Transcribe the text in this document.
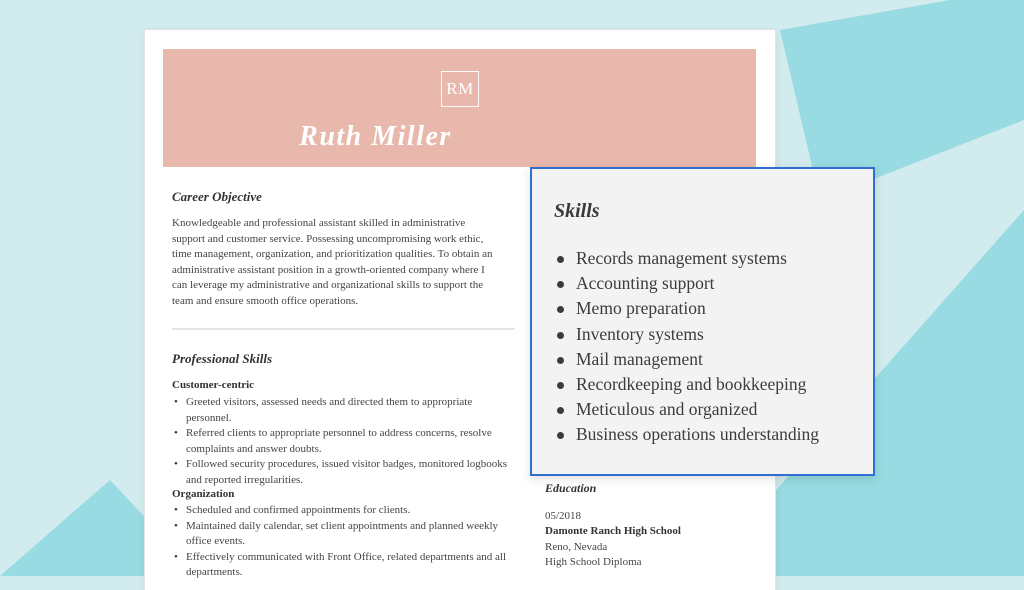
RM
Ruth Miller
Career Objective
Knowledgeable and professional assistant skilled in administrative
support and customer service. Possessing uncompromising work ethic,
time management, organization, and prioritization qualities. To obtain an
administrative assistant position in a growth-oriented company where I
can leverage my administrative and organizational skills to support the
team and ensure smooth office operations.
Professional Skills
Customer-centric
• Greeted visitors, assessed needs and directed them to appropriate personnel.
• Referred clients to appropriate personnel to address concerns, resolve complaints and answer doubts.
• Followed security procedures, issued visitor badges, monitored logbooks and reported irregularities.
Organization
• Scheduled and confirmed appointments for clients.
• Maintained daily calendar, set client appointments and planned weekly office events.
• Effectively communicated with Front Office, related departments and all departments.
Education
05/2018
Damonte Ranch High School
Reno, Nevada
High School Diploma
Skills
Records management systems
Accounting support
Memo preparation
Inventory systems
Mail management
Recordkeeping and bookkeeping
Meticulous and organized
Business operations understanding
